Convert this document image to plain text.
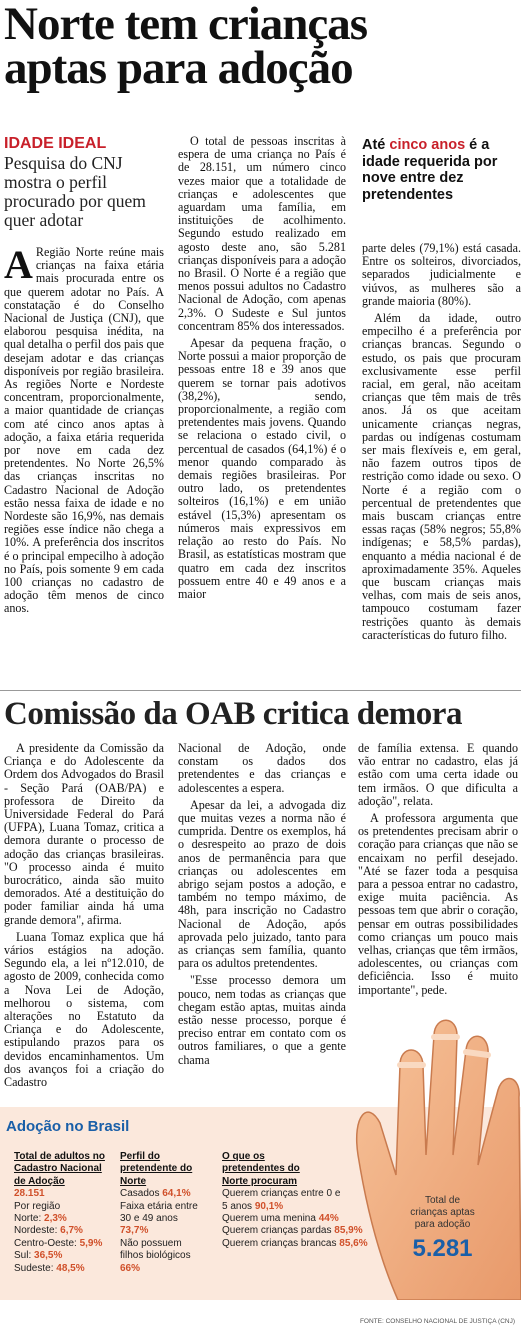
Norte tem crianças
aptas para adoção
IDADE IDEAL
Pesquisa do CNJ mostra o perfil procurado por quem quer adotar

A Região Norte reúne mais crianças na faixa etária mais procurada entre os que querem adotar no País. A constatação é do Conselho Nacional de Justiça (CNJ), que elaborou pesquisa inédita, na qual detalha o perfil dos pais que desejam adotar e das crianças disponíveis por região brasileira. As regiões Norte e Nordeste concentram, proporcionalmente, a maior quantidade de crianças com até cinco anos aptas à adoção, a faixa etária requerida por nove em cada dez pretendentes. No Norte 26,5% das crianças inscritas no Cadastro Nacional de Adoção estão nessa faixa de idade e no Nordeste são 16,9%, nas demais regiões esse índice não chega a 10%. A preferência dos inscritos é o principal empecilho à adoção no País, pois somente 9 em cada 100 crianças no cadastro de adoção têm menos de cinco anos.

O total de pessoas inscritas à espera de uma criança no País é de 28.151, um número cinco vezes maior que a totalidade de crianças e adolescentes que aguardam uma família, em instituições de acolhimento. Segundo estudo realizado em agosto deste ano, são 5.281 crianças disponíveis para a adoção no Brasil. O Norte é a região que menos possui adultos no Cadastro Nacional de Adoção, com apenas 2,3%. O Sudeste e Sul juntos concentram 85% dos interessados.

Apesar da pequena fração, o Norte possui a maior proporção de pessoas entre 18 e 39 anos que querem se tornar pais adotivos (38,2%), sendo, proporcionalmente, a região com pretendentes mais jovens. Quando se relaciona o estado civil, o percentual de casados (64,1%) é o menor quando comparado às demais regiões brasileiras. Por outro lado, os pretendentes solteiros (16,1%) e em união estável (15,3%) apresentam os números mais expressivos em relação ao resto do País. No Brasil, as estatísticas mostram que quatro em cada dez inscritos possuem entre 40 e 49 anos e a maior

Até cinco anos é a idade requerida por nove entre dez pretendentes

parte deles (79,1%) está casada. Entre os solteiros, divorciados, separados judicialmente e viúvos, as mulheres são a grande maioria (80%).

Além da idade, outro empecilho é a preferência por crianças brancas. Segundo o estudo, os pais que procuram exclusivamente esse perfil racial, em geral, não aceitam crianças que têm mais de três anos. Já os que aceitam unicamente crianças negras, pardas ou indígenas costumam ser mais flexíveis e, em geral, não fazem outros tipos de restrição como idade ou sexo. O Norte é a região com o percentual de pretendentes que mais buscam crianças entre essas raças (58% negros; 55,8% indígenas; e 58,5% pardas), enquanto a média nacional é de aproximadamente 35%. Aqueles que buscam crianças mais velhas, com mais de seis anos, tampouco costumam fazer restrições quanto às demais características do futuro filho.

Comissão da OAB critica demora

A presidente da Comissão da Criança e do Adolescente da Ordem dos Advogados do Brasil - Seção Pará (OAB/PA) e professora de Direito da Universidade Federal do Pará (UFPA), Luana Tomaz, critica a demora durante o processo de adoção das crianças brasileiras. "O processo ainda é muito burocrático, ainda são muito demorados. Até a destituição do poder familiar ainda há uma grande demora", afirma.

Luana Tomaz explica que há vários estágios na adoção. Segundo ela, a lei nº12.010, de agosto de 2009, conhecida como a Nova Lei de Adoção, melhorou o sistema, com alterações no Estatuto da Criança e do Adolescente, estipulando prazos para os devidos encaminhamentos. Um dos avanços foi a criação do Cadastro

Nacional de Adoção, onde constam os dados dos pretendentes e das crianças e adolescentes a espera.

Apesar da lei, a advogada diz que muitas vezes a norma não é cumprida. Dentre os exemplos, há o desrespeito ao prazo de dois anos de permanência para que crianças ou adolescentes em abrigo sejam postos a adoção, e também no tempo máximo, de 48h, para inscrição no Cadastro Nacional de Adoção, após aprovada pelo juizado, tanto para as crianças sem família, quanto para os adultos pretendentes.

"Esse processo demora um pouco, nem todas as crianças que chegam estão aptas, muitas ainda estão nesse processo, porque é preciso entrar em contato com os outros familiares, o que a gente chama

de família extensa. E quando vão entrar no cadastro, elas já estão com uma certa idade ou tem irmãos. O que dificulta a adoção", relata.

A professora argumenta que os pretendentes precisam abrir o coração para crianças que não se encaixam no perfil desejado. "Até se fazer toda a pesquisa para a pessoa entrar no cadastro, exige muita paciência. As pessoas tem que abrir o coração, pensar em outras possibilidades como crianças um pouco mais velhas, crianças que têm irmãos, adolescentes, ou crianças com deficiência. Isso é muito importante", pede.

Adoção no Brasil
Total de adultos no Cadastro Nacional de Adoção
28.151
Por região
Norte: 2,3%
Nordeste: 6,7%
Centro-Oeste: 5,9%
Sul: 36,5%
Sudeste: 48,5%
Perfil do pretendente do Norte
Casados 64,1%
Faixa etária entre 30 e 49 anos 73,7%
Não possuem filhos biológicos 66%
O que os pretendentes do Norte procuram
Querem crianças entre 0 e 5 anos 90,1%
Querem uma menina 44%
Querem crianças pardas 85,9%
Querem crianças brancas 85,6%
Total de crianças aptas para adoção
5.281
FONTE: CONSELHO NACIONAL DE JUSTIÇA (CNJ)
